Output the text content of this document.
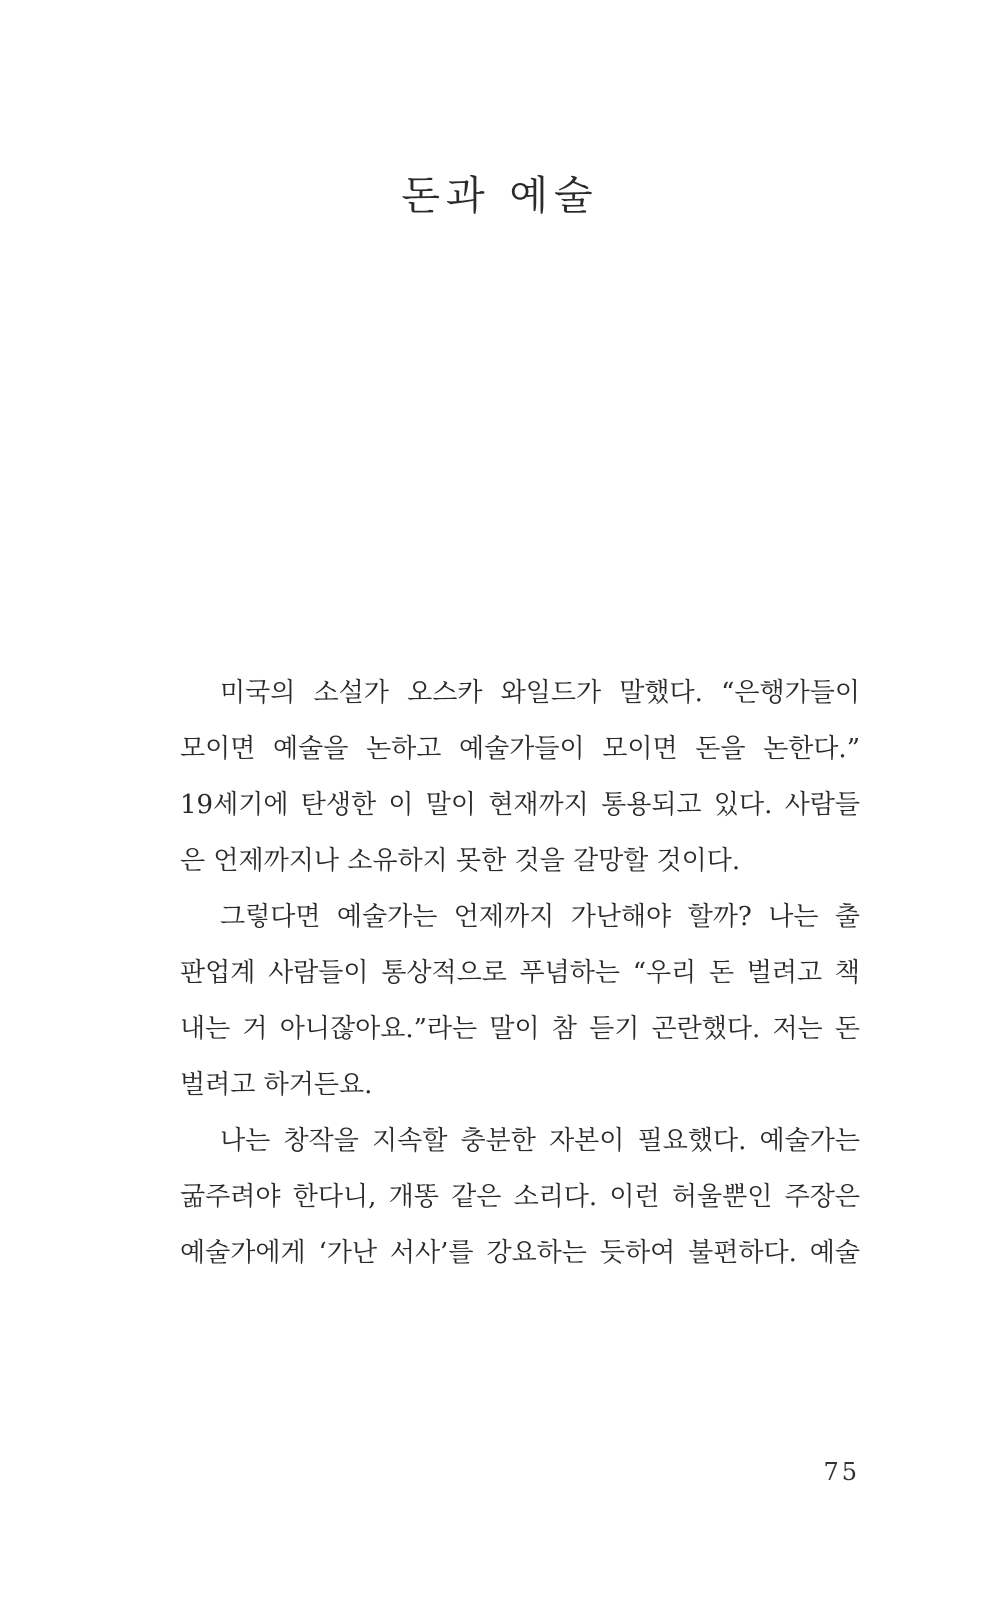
돈과 예술
미국의 소설가 오스카 와일드가 말했다. “은행가들이
모이면 예술을 논하고 예술가들이 모이면 돈을 논한다.”
19세기에 탄생한 이 말이 현재까지 통용되고 있다. 사람들
은 언제까지나 소유하지 못한 것을 갈망할 것이다.
그렇다면 예술가는 언제까지 가난해야 할까? 나는 출
판업계 사람들이 통상적으로 푸념하는 “우리 돈 벌려고 책
내는 거 아니잖아요.”라는 말이 참 듣기 곤란했다. 저는 돈
벌려고 하거든요.
나는 창작을 지속할 충분한 자본이 필요했다. 예술가는
굶주려야 한다니, 개똥 같은 소리다. 이런 허울뿐인 주장은
예술가에게 ‘가난 서사’를 강요하는 듯하여 불편하다. 예술
75
